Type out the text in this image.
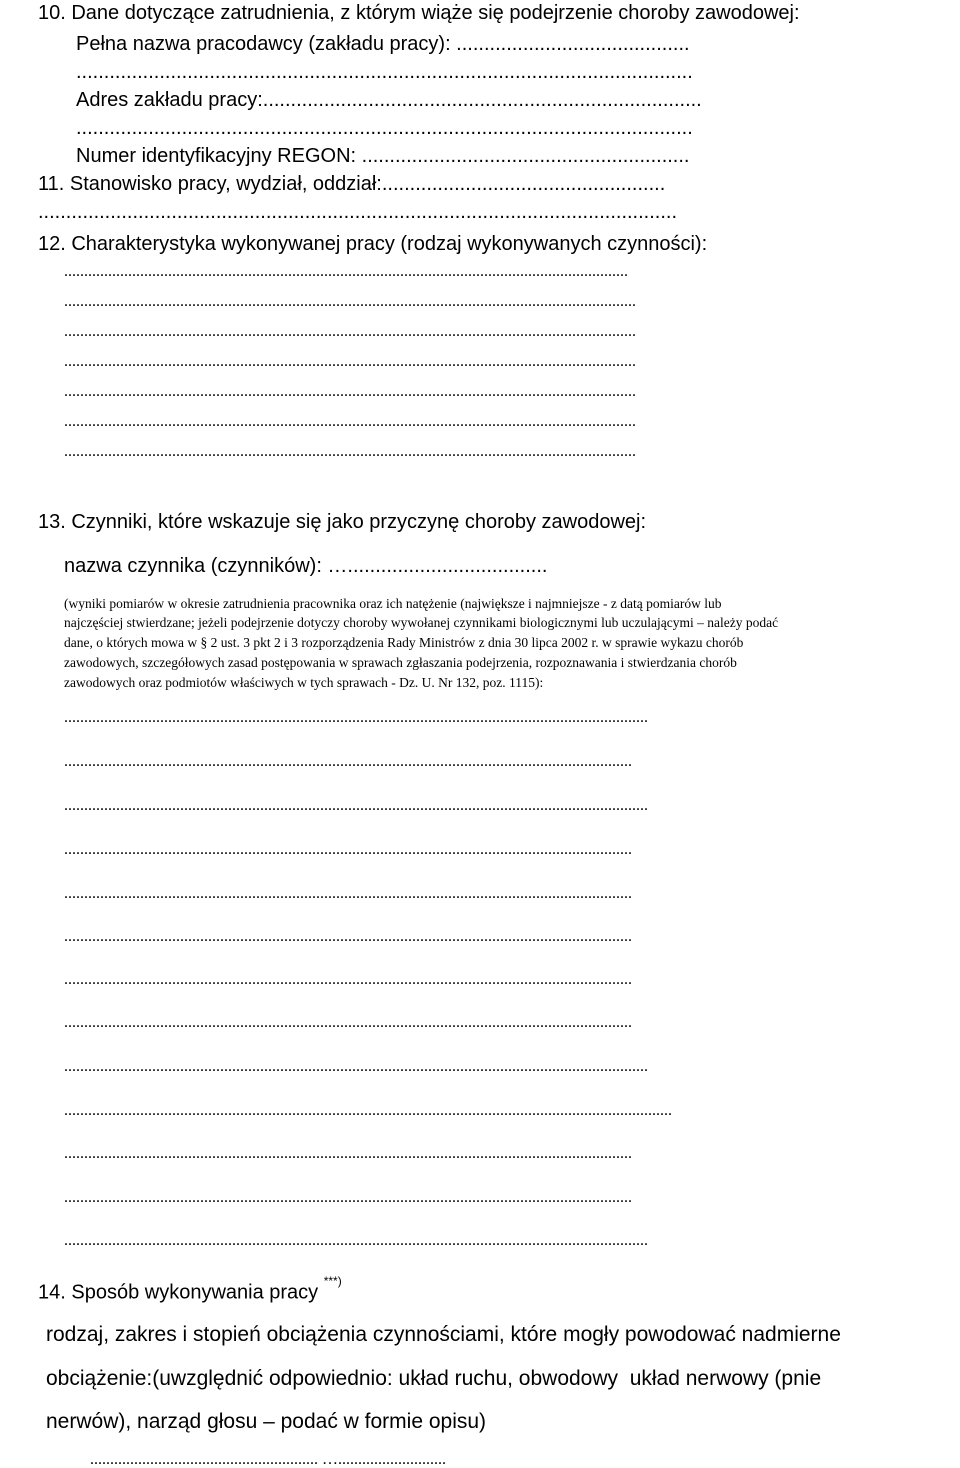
10. Dane dotyczące zatrudnienia, z którym wiąże się podejrzenie choroby zawodowej:
Pełna nazwa pracodawcy (zakładu pracy): ..........................................
...............................................................................................................
Adres zakładu pracy:...............................................................................
...............................................................................................................
Numer identyfikacyjny REGON: ...........................................................
11. Stanowisko pracy, wydział, oddział:...................................................
...................................................................................................................
12. Charakterystyka wykonywanej pracy (rodzaj wykonywanych czynności):
.............................................................................................................................................
...............................................................................................................................................
...............................................................................................................................................
...............................................................................................................................................
...............................................................................................................................................
...............................................................................................................................................
...............................................................................................................................................
13. Czynniki, które wskazuje się jako przyczynę choroby zawodowej:
nazwa czynnika (czynników): …....................................
(wyniki pomiarów w okresie zatrudnienia pracownika oraz ich natężenie (największe i najmniejsze - z datą pomiarów lub
najczęściej stwierdzane; jeżeli podejrzenie dotyczy choroby wywołanej czynnikami biologicznymi lub uczulającymi – należy podać
dane, o których mowa w § 2 ust. 3 pkt 2 i 3 rozporządzenia Rady Ministrów z dnia 30 lipca 2002 r. w sprawie wykazu chorób
zawodowych, szczegółowych zasad postępowania w sprawach zgłaszania podejrzenia, rozpoznawania i stwierdzania chorób
zawodowych oraz podmiotów właściwych w tych sprawach - Dz. U. Nr 132, poz. 1115):
..................................................................................................................................................
..............................................................................................................................................
..................................................................................................................................................
..............................................................................................................................................
..............................................................................................................................................
..............................................................................................................................................
..............................................................................................................................................
..............................................................................................................................................
..................................................................................................................................................
........................................................................................................................................................
..............................................................................................................................................
..............................................................................................................................................
..................................................................................................................................................
14. Sposób wykonywania pracy ***)
rodzaj, zakres i stopień obciążenia czynnościami, które mogły powodować nadmierne
obciążenie:(uwzględnić odpowiednio: układ ruchu, obwodowy  układ nerwowy (pnie
nerwów), narząd głosu – podać w formie opisu)
......................................................... …...........................
